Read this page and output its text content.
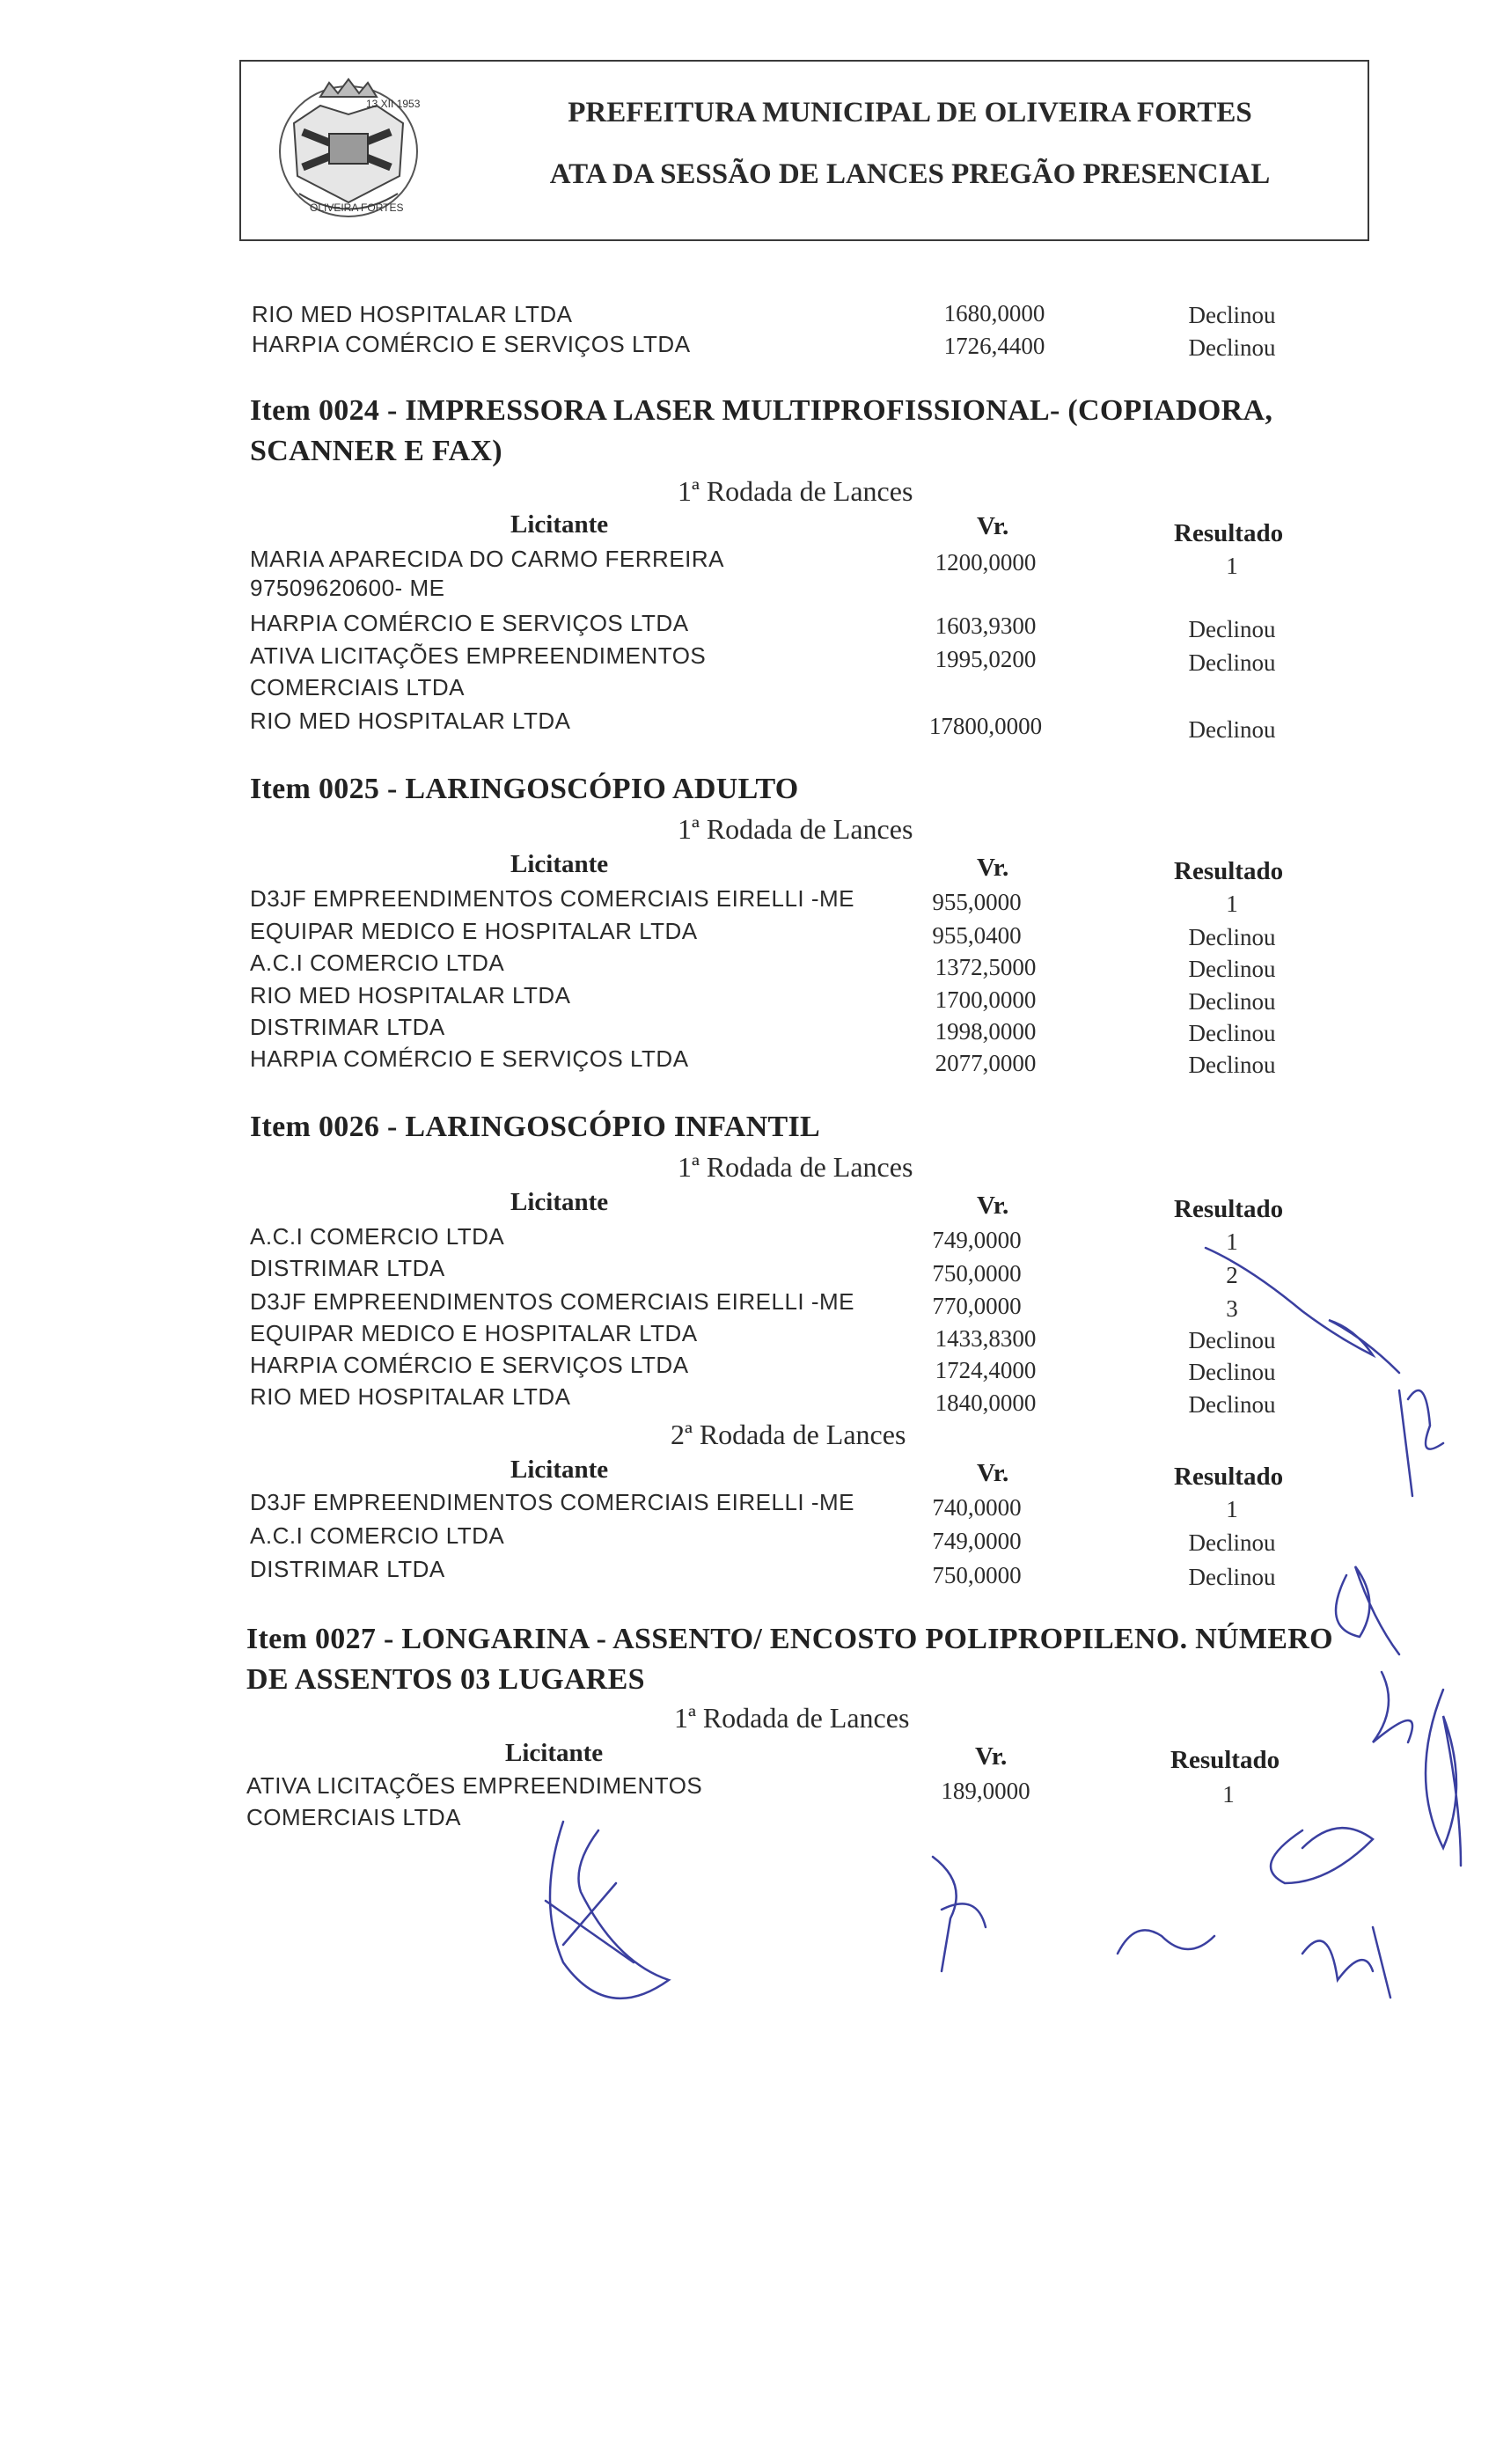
13 XII 1953
OLIVEIRA FORTES
PREFEITURA MUNICIPAL DE OLIVEIRA FORTES
ATA DA SESSÃO DE LANCES PREGÃO PRESENCIAL
RIO MED HOSPITALAR LTDA	1680,0000	Declinou
HARPIA COMÉRCIO E SERVIÇOS LTDA	1726,4400	Declinou
Item 0024 - IMPRESSORA LASER MULTIPROFISSIONAL- (COPIADORA,
SCANNER E FAX)
1ª Rodada de Lances
Licitante	Vr.	Resultado
MARIA APARECIDA DO CARMO FERREIRA
97509620600- ME
1200,0000	1
HARPIA COMÉRCIO E SERVIÇOS LTDA	1603,9300	Declinou
ATIVA LICITAÇÕES EMPREENDIMENTOS
COMERCIAIS LTDA
1995,0200	Declinou
RIO MED HOSPITALAR LTDA	17800,0000	Declinou
Item 0025 - LARINGOSCÓPIO ADULTO
1ª Rodada de Lances
Licitante	Vr.	Resultado
D3JF EMPREENDIMENTOS COMERCIAIS EIRELLI -ME	955,0000	1
EQUIPAR MEDICO E HOSPITALAR LTDA	955,0400	Declinou
A.C.I COMERCIO LTDA	1372,5000	Declinou
RIO MED HOSPITALAR LTDA	1700,0000	Declinou
DISTRIMAR LTDA	1998,0000	Declinou
HARPIA COMÉRCIO E SERVIÇOS LTDA	2077,0000	Declinou
Item 0026 - LARINGOSCÓPIO INFANTIL
1ª Rodada de Lances
Licitante	Vr.	Resultado
A.C.I COMERCIO LTDA	749,0000	1
DISTRIMAR LTDA	750,0000	2
D3JF EMPREENDIMENTOS COMERCIAIS EIRELLI -ME	770,0000	3
EQUIPAR MEDICO E HOSPITALAR LTDA	1433,8300	Declinou
HARPIA COMÉRCIO E SERVIÇOS LTDA	1724,4000	Declinou
RIO MED HOSPITALAR LTDA	1840,0000	Declinou
2ª Rodada de Lances
Licitante	Vr.	Resultado
D3JF EMPREENDIMENTOS COMERCIAIS EIRELLI -ME	740,0000	1
A.C.I COMERCIO LTDA	749,0000	Declinou
DISTRIMAR LTDA	750,0000	Declinou
Item 0027 - LONGARINA - ASSENTO/ ENCOSTO POLIPROPILENO. NÚMERO
DE ASSENTOS 03 LUGARES
1ª Rodada de Lances
Licitante	Vr.	Resultado
ATIVA LICITAÇÕES EMPREENDIMENTOS
COMERCIAIS LTDA
189,0000	1
